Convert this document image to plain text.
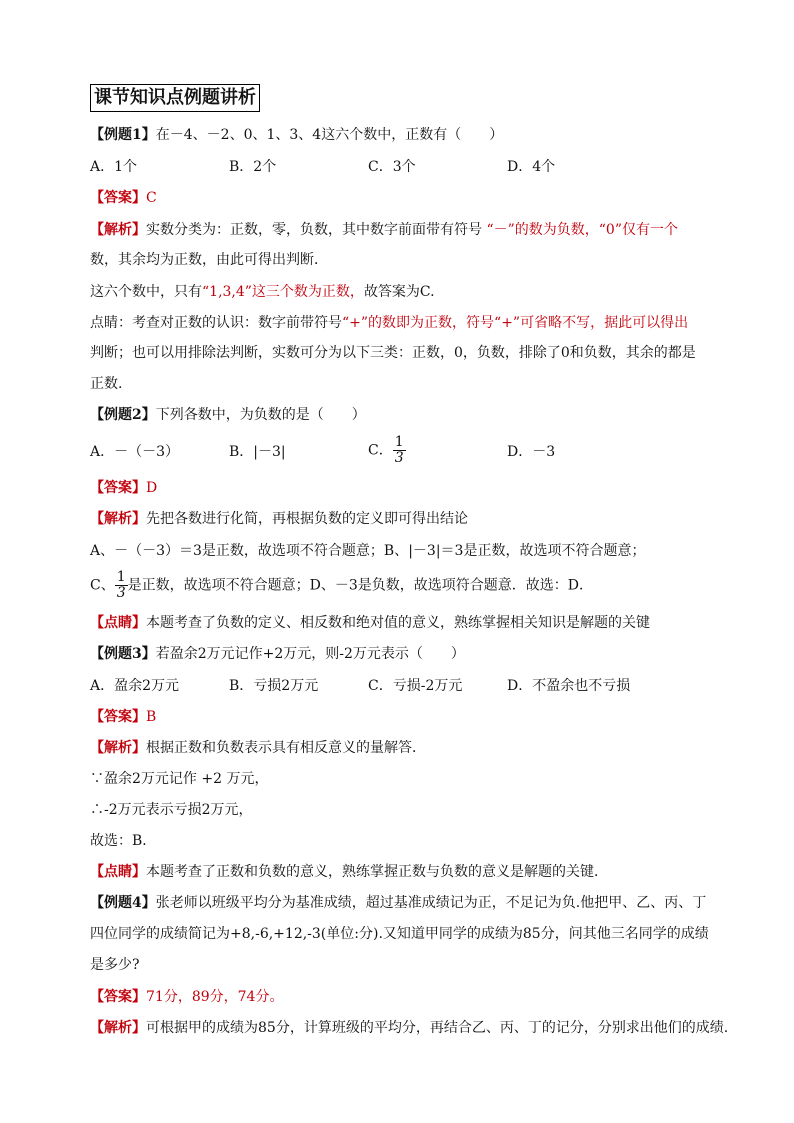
课节知识点例题讲析
【例题1】在－4、－2、0、1、3、4这六个数中，正数有（　　）
A．1个	B．2个	C．3个	D．4个
【答案】C
【解析】实数分类为：正数，零，负数，其中数字前面带有符号 “－”的数为负数，“0”仅有一个
数，其余均为正数，由此可得出判断．
这六个数中，只有“1,3,4”这三个数为正数，故答案为C.
点睛：考查对正数的认识：数字前带符号“+”的数即为正数，符号“+”可省略不写，据此可以得出
判断；也可以用排除法判断，实数可分为以下三类：正数，0，负数，排除了0和负数，其余的都是
正数.
【例题2】下列各数中，为负数的是（　　）
A．－（－3）	B．|－3|	C． $\frac{1}{3}$	D．－3
【答案】D
【解析】先把各数进行化简，再根据负数的定义即可得出结论
A、－（－3）＝3是正数，故选项不符合题意；B、|－3|＝3是正数，故选项不符合题意；
C、 $\frac{1}{3}$ 是正数，故选项不符合题意；D、－3是负数，故选项符合题意．故选：D．
【点睛】本题考查了负数的定义、相反数和绝对值的意义，熟练掌握相关知识是解题的关键
【例题3】若盈余2万元记作+2万元，则-2万元表示（　　）
A．盈余2万元	B．亏损2万元	C．亏损-2万元	D．不盈余也不亏损
【答案】B
【解析】根据正数和负数表示具有相反意义的量解答．
∵盈余2万元记作 +2 万元，
∴-2万元表示亏损2万元，
故选：B．
【点睛】本题考查了正数和负数的意义，熟练掌握正数与负数的意义是解题的关键．
【例题4】张老师以班级平均分为基准成绩，超过基准成绩记为正，不足记为负.他把甲、乙、丙、丁
四位同学的成绩简记为+8,-6,+12,-3(单位:分).又知道甲同学的成绩为85分，问其他三名同学的成绩
是多少?
【答案】71分，89分，74分。
【解析】可根据甲的成绩为85分，计算班级的平均分，再结合乙、丙、丁的记分，分别求出他们的成绩.
